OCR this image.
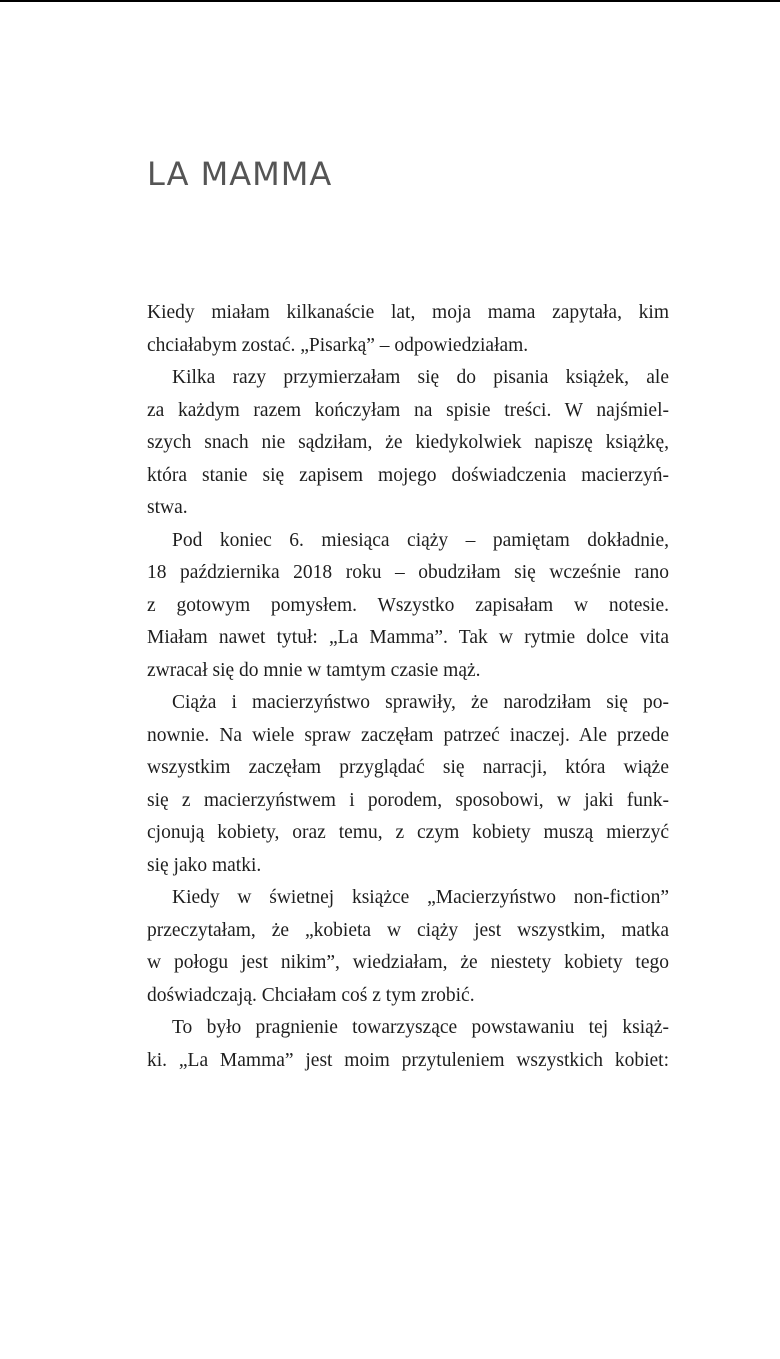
LA MAMMA
Kiedy miałam kilkanaście lat, moja mama zapytała, kim
chciałabym zostać. „Pisarką” – odpowiedziałam.
Kilka razy przymierzałam się do pisania książek, ale
za każdym razem kończyłam na spisie treści. W najśmiel-
szych snach nie sądziłam, że kiedykolwiek napiszę książkę,
która stanie się zapisem mojego doświadczenia macierzyń-
stwa.
Pod koniec 6. miesiąca ciąży – pamiętam dokładnie,
18 października 2018 roku – obudziłam się wcześnie rano
z gotowym pomysłem. Wszystko zapisałam w notesie.
Miałam nawet tytuł: „La Mamma”. Tak w rytmie dolce vita
zwracał się do mnie w tamtym czasie mąż.
Ciąża i macierzyństwo sprawiły, że narodziłam się po-
nownie. Na wiele spraw zaczęłam patrzeć inaczej. Ale przede
wszystkim zaczęłam przyglądać się narracji, która wiąże
się z macierzyństwem i porodem, sposobowi, w jaki funk-
cjonują kobiety, oraz temu, z czym kobiety muszą mierzyć
się jako matki.
Kiedy w świetnej książce „Macierzyństwo non-fiction”
przeczytałam, że „kobieta w ciąży jest wszystkim, matka
w połogu jest nikim”, wiedziałam, że niestety kobiety tego
doświadczają. Chciałam coś z tym zrobić.
To było pragnienie towarzyszące powstawaniu tej książ-
ki. „La Mamma” jest moim przytuleniem wszystkich kobiet:
